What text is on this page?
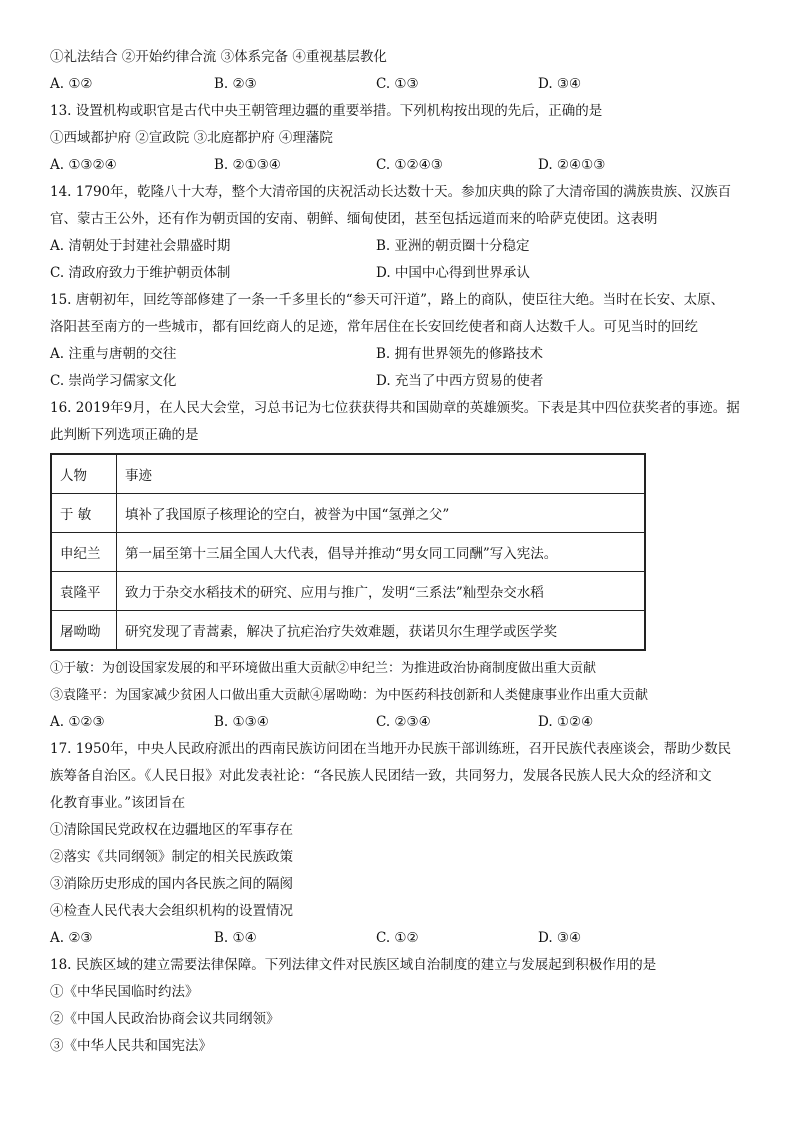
①礼法结合 ②开始约律合流 ③体系完备 ④重视基层教化
A. ①②	B. ②③	C. ①③	D. ③④
13. 设置机构或职官是古代中央王朝管理边疆的重要举措。下列机构按出现的先后，正确的是
①西域都护府 ②宣政院 ③北庭都护府 ④理藩院
A. ①③②④	B. ②①③④	C. ①②④③	D. ②④①③
14. 1790年，乾隆八十大寿，整个大清帝国的庆祝活动长达数十天。参加庆典的除了大清帝国的满族贵族、汉族百
官、蒙古王公外，还有作为朝贡国的安南、朝鲜、缅甸使团，甚至包括远道而来的哈萨克使团。这表明
A. 清朝处于封建社会鼎盛时期	B. 亚洲的朝贡圈十分稳定
C. 清政府致力于维护朝贡体制	D. 中国中心得到世界承认
15. 唐朝初年，回纥等部修建了一条一千多里长的“参天可汗道”，路上的商队，使臣往大绝。当时在长安、太原、
洛阳甚至南方的一些城市，都有回纥商人的足迹，常年居住在长安回纥使者和商人达数千人。可见当时的回纥
A. 注重与唐朝的交往	B. 拥有世界领先的修路技术
C. 崇尚学习儒家文化	D. 充当了中西方贸易的使者
16. 2019年9月，在人民大会堂，习总书记为七位获获得共和国勋章的英雄颁奖。下表是其中四位获奖者的事迹。据
此判断下列选项正确的是
人物	事迹
于 敏	填补了我国原子核理论的空白，被誉为中国“氢弹之父”
申纪兰	第一届至第十三届全国人大代表，倡导并推动“男女同工同酬”写入宪法。
袁隆平	致力于杂交水稻技术的研究、应用与推广，发明“三系法”籼型杂交水稻
屠呦呦	研究发现了青蒿素，解决了抗疟治疗失效难题，获诺贝尔生理学或医学奖
①于敏：为创设国家发展的和平环境做出重大贡献②申纪兰：为推进政治协商制度做出重大贡献
③袁隆平：为国家减少贫困人口做出重大贡献④屠呦呦：为中医药科技创新和人类健康事业作出重大贡献
A. ①②③	B. ①③④	C. ②③④	D. ①②④
17. 1950年，中央人民政府派出的西南民族访问团在当地开办民族干部训练班，召开民族代表座谈会，帮助少数民
族筹备自治区。《人民日报》对此发表社论：“各民族人民团结一致，共同努力，发展各民族人民大众的经济和文
化教育事业。”该团旨在
①清除国民党政权在边疆地区的军事存在
②落实《共同纲领》制定的相关民族政策
③消除历史形成的国内各民族之间的隔阂
④检查人民代表大会组织机构的设置情况
A. ②③	B. ①④	C. ①②	D. ③④
18. 民族区域的建立需要法律保障。下列法律文件对民族区域自治制度的建立与发展起到积极作用的是
①《中华民国临时约法》
②《中国人民政治协商会议共同纲领》
③《中华人民共和国宪法》
